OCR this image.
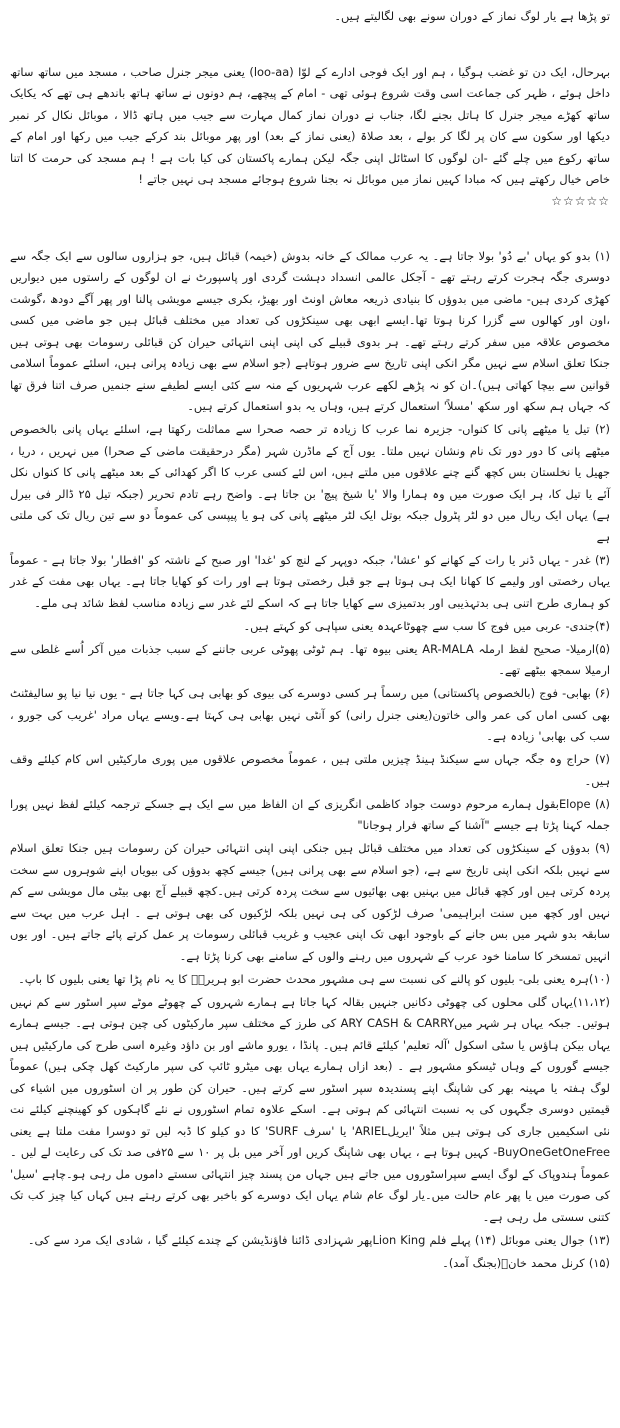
تو پڑھا ہے یار لوگ نماز کے دوران سونے بھی لگالیتے ہیں۔

بہرحال، ایک دن تو غضب ہوگیا ، ہم اور ایک فوجی ادارے کے لوّا (loo-aa) یعنی میجر جنرل صاحب ، مسجد میں ساتھ ساتھ داخل ہوئے ، ظہر کی جماعت اسی وقت شروع ہوئی تھی - امام کے پیچھے، ہم دونوں نے ساتھ ہاتھ باندھے ہی تھے کہ یکایک ساتھ کھڑے میجر جنرل کا ہاتل بجنے لگا، جناب نے دوران نماز کمال مہارت سے جیب میں ہاتھ ڈالا ، موبائل نکال کر نمبر دیکھا اور سکون سے کان پر لگا کر بولے ، بعد صلاۃ (یعنی نماز کے بعد) اور پھر موبائل بند کرکے جیب میں رکھا اور امام کے ساتھ رکوع میں چلے گئے -ان لوگوں کا اسٹائل اپنی جگہ لیکن ہمارے پاکستان کی کیا بات ہے ! ہم مسجد کی حرمت کا اتنا خاص خیال رکھتے ہیں کہ مبادا کہیں نماز میں موبائل نہ بجنا شروع ہوجائے مسجد ہی نہیں جاتے !

☆☆☆☆☆

(۱) بدو کو یہاں 'بے دُو' بولا جاتا ہے۔ یہ عرب ممالک کے خانہ بدوش (خیمہ) قبائل ہیں، جو ہزاروں سالوں سے ایک جگہ سے دوسری جگہ ہجرت کرتے رہتے تھے - آجکل عالمی انسداد دہشت گردی اور پاسپورٹ نے ان لوگوں کے راستوں میں دیواریں کھڑی کردی ہیں- ماضی میں بدوؤں کا بنیادی ذریعہ معاش اونٹ اور بھیڑ، بکری جیسے مویشی پالنا اور پھر آگے دودھ ،گوشت ،اون اور کھالوں سے گزرا کرنا ہوتا تھا۔ایسے ابھی بھی سینکڑوں کی تعداد میں مختلف قبائل ہیں جو ماضی میں کسی مخصوص علاقہ میں سفر کرتے رہتے تھے۔ ہر بدوی قبیلے کی اپنی اپنی انتہائی حیران کن قبائلی رسومات بھی ہوتی ہیں جنکا تعلق اسلام سے نہیں مگر انکی اپنی تاریخ سے ضرور ہوتاہے (جو اسلام سے بھی زیادہ پرانی ہیں، اسلئے عموماً اسلامی قوانین سے بیچا کھاتی ہیں)۔ان کو نہ پڑھے لکھے عرب شہریوں کے منہ سے کئی ایسے لطیفے سنے جنمیں صرف اتنا فرق تھا کہ جہاں ہم سکھ اور سکھ 'مسلاً' استعمال کرتے ہیں، وہاں یہ بدو استعمال کرتے ہیں۔

(۲) تیل یا میٹھے پانی کا کنواں- جزیرہ نما عرب کا زیادہ تر حصہ صحرا سے مماثلت رکھتا ہے، اسلئے یہاں پانی بالخصوص میٹھے پانی کا دور دور تک نام ونشان نہیں ملتا۔ یوں آج کے ماڈرن شہر (مگر درحقیقت ماضی کے صحرا) میں نہریں ، دریا ، جھیل یا نخلستان بس کچھ گنے چنے علاقوں میں ملتے ہیں، اس لئے کسی عرب کا اگر کھدائی کے بعد میٹھے پانی کا کنواں نکل آئے یا تیل کا، ہر ایک صورت میں وہ ہمارا والا 'یا شیخ پیچ' بن جاتا ہے۔ واضح رہے تادم تحریر (جبکہ تیل ۲۵ ڈالر فی بیرل ہے) یہاں ایک ریال میں دو لٹر پٹرول جبکہ بوتل ایک لٹر میٹھے پانی کی ہو یا پیپسی کی عموماً دو سے تین ریال تک کی ملتی ہے

(۳) غدر - یہاں ڈنر یا رات کے کھانے کو 'عشا'، جبکہ دوپہر کے لنچ کو 'غدا' اور صبح کے ناشتہ کو 'افطار' بولا جاتا ہے - عموماً یہاں رخصتی اور ولیمے کا کھانا ایک ہی ہوتا ہے جو قبل رخصتی ہوتا ہے اور رات کو کھایا جاتا ہے۔ یہاں بھی مفت کے غدر کو ہماری طرح اتنی ہی بدتہذیبی اور بدتمیزی سے کھایا جاتا ہے کہ اسکے لئے غدر سے زیادہ مناسب لفظ شائد ہی ملے۔

(۴)جندی- عربی میں فوج کا سب سے چھوٹاعہدہ یعنی سپاہی کو کہتے ہیں۔

(۵)ارمیلا- صحیح لفظ ارملہ AR-MALA یعنی بیوہ تھا۔ ہم ٹوٹی پھوٹی عربی جاننے کے سبب جذبات میں آکر اُسے غلطی سے ارمیلا سمجھ بیٹھے تھے۔

(۶) بھابی- فوج (بالخصوص پاکستانی) میں رسماً ہر کسی دوسرے کی بیوی کو بھابی ہی کہا جاتا ہے - یوں نیا نیا پو سالیفٹنٹ بھی کسی اماں کی عمر والی خاتون(یعنی جنرل رانی) کو آنٹی نہیں بھابی ہی کہتا ہے۔ویسے یہاں مراد 'غریب کی جورو ، سب کی بھابی' زیادہ ہے۔

(۷) حراج وہ جگہ جہاں سے سیکنڈ ہینڈ چیزیں ملتی ہیں ، عموماً مخصوص علاقوں میں پوری مارکیٹیں اس کام کیلئے وقف ہیں۔

(۸) Elopeبقول ہمارے مرحوم دوست جواد کاظمی انگریزی کے ان الفاظ میں سے ایک ہے جسکے ترجمہ کیلئے لفظ نہیں پورا جملہ کہنا پڑتا ہے جیسے "آشنا کے ساتھ فرار ہوجانا"

(۹) بدوؤں کے سینکڑوں کی تعداد میں مختلف قبائل ہیں جنکی اپنی اپنی انتہائی حیران کن رسومات ہیں جنکا تعلق اسلام سے نہیں بلکہ انکی اپنی تاریخ سے ہے، (جو اسلام سے بھی پرانی ہیں) جیسے کچھ بدوؤں کی بیویاں اپنے شوہروں سے سخت پردہ کرتی ہیں اور کچھ قبائل میں بہنیں بھی بھائیوں سے سخت پردہ کرتی ہیں۔کچھ قبیلے آج بھی بیٹی مال مویشی سے کم نہیں اور کچھ میں سنت ابراہیمی' صرف لڑکوں کی ہی نہیں بلکہ لڑکیوں کی بھی ہوتی ہے ۔ اہل عرب میں بہت سے سابقہ بدو شہر میں بس جانے کے باوجود ابھی تک اپنی عجیب و غریب قبائلی رسومات پر عمل کرتے پائے جاتے ہیں۔ اور یوں انہیں تمسخر کا سامنا خود عرب کے شہروں میں رہنے والوں کے سامنے بھی کرنا پڑتا ہے۔

(۱۰)ہرہ یعنی بلی- بلیوں کو پالنے کی نسبت سے ہی مشہور محدث حضرت ابو ہریرہؓ کا یہ نام پڑا تھا یعنی بلیوں کا باپ۔

(۱۱،۱۲)یہاں گلی محلوں کی چھوٹی دکانیں جنہیں بقالہ کہا جاتا ہے ہمارے شہروں کے چھوٹے موٹے سپر اسٹور سے کم نہیں ہوتیں۔ جبکہ یہاں ہر شہر میںARY CASH & CARRY کی طرز کے مختلف سپر مارکیٹوں کی چین ہوتی ہے۔ جیسے ہمارے یہاں بیکن ہاؤس یا سٹی اسکول 'آلہ تعلیم' کیلئے قائم ہیں۔ پانڈا ، یورو ماشے اور بن داؤد وغیرہ اسی طرح کی مارکیٹیں ہیں جیسے گوروں کے وہاں ٹیسکو مشہور ہے ۔ (بعد ازاں ہمارے یہاں بھی میٹرو ٹائپ کی سپر مارکیٹ کھل چکی ہیں) عموماً لوگ ہفتہ یا مہینہ بھر کی شاپنگ اپنے پسندیدہ سپر اسٹور سے کرتے ہیں۔ حیران کن طور پر ان اسٹوروں میں اشیاء کی قیمتیں دوسری جگہوں کی بہ نسبت انتہائی کم ہوتی ہے۔ اسکے علاوہ تمام اسٹوروں نے نئے گاہکوں کو کھینچنے کیلئے نت نئی اسکیمیں جاری کی ہوتی ہیں مثلاً 'ایریلARIEL' یا 'سرف SURF' کا دو کیلو کا ڈبہ لیں تو دوسرا مفت ملتا ہے یعنی BuyOneGetOneFree- کہیں ہوتا ہے ، یہاں بھی شاپنگ کریں اور آخر میں بل پر ۱۰ سے ۲۵فی صد تک کی رعایت لے لیں ۔عموماً ہندوپاک کے لوگ ایسے سپراسٹوروں میں جاتے ہیں جہاں من پسند چیز انتہائی سستے داموں مل رہی ہو۔چاہے 'سیل' کی صورت میں یا پھر عام حالت میں۔یار لوگ عام شام یہاں ایک دوسرے کو باخبر بھی کرتے رہتے ہیں کہاں کیا چیز کب تک کتنی سستی مل رہی ہے۔

(۱۳) جوال یعنی موبائل (۱۴) پہلے فلم Lion Kingپھر شہزادی ڈائنا فاؤنڈیشن کے چندے کیلئے گیا ، شادی ایک مرد سے کی۔

(۱۵) کرنل محمد خانؒ(بجنگ آمد)۔
